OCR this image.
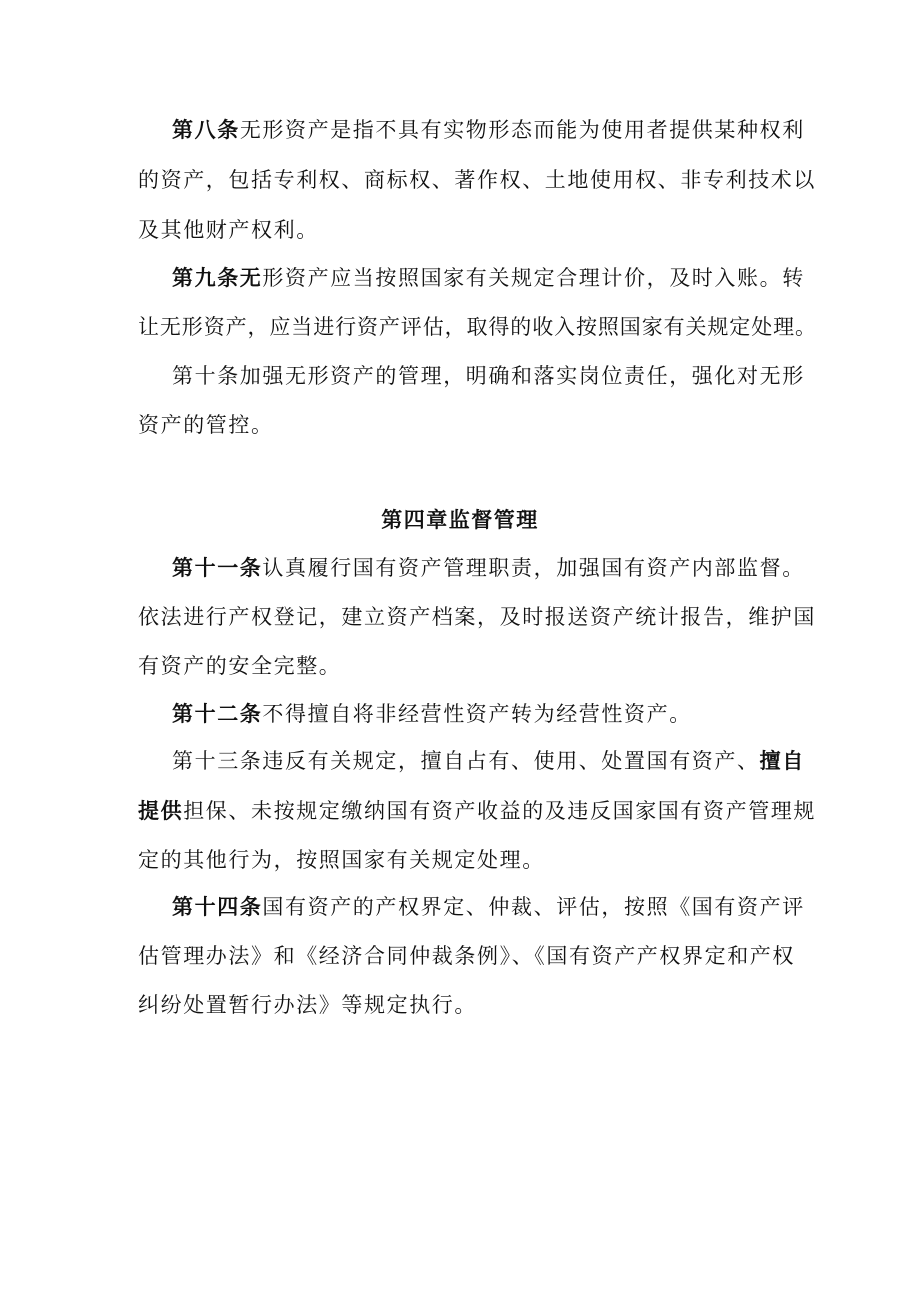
第八条无形资产是指不具有实物形态而能为使用者提供某种权利
的资产，包括专利权、商标权、著作权、土地使用权、非专利技术以
及其他财产权利。
第九条无形资产应当按照国家有关规定合理计价，及时入账。转
让无形资产，应当进行资产评估，取得的收入按照国家有关规定处理。
第十条加强无形资产的管理，明确和落实岗位责任，强化对无形
资产的管控。
第四章监督管理
第十一条认真履行国有资产管理职责，加强国有资产内部监督。
依法进行产权登记，建立资产档案，及时报送资产统计报告，维护国
有资产的安全完整。
第十二条不得擅自将非经营性资产转为经营性资产。
第十三条违反有关规定，擅自占有、使用、处置国有资产、擅自
提供担保、未按规定缴纳国有资产收益的及违反国家国有资产管理规
定的其他行为，按照国家有关规定处理。
第十四条国有资产的产权界定、仲裁、评估，按照《国有资产评
估管理办法》和《经济合同仲裁条例》、《国有资产产权界定和产权
纠纷处置暂行办法》等规定执行。
